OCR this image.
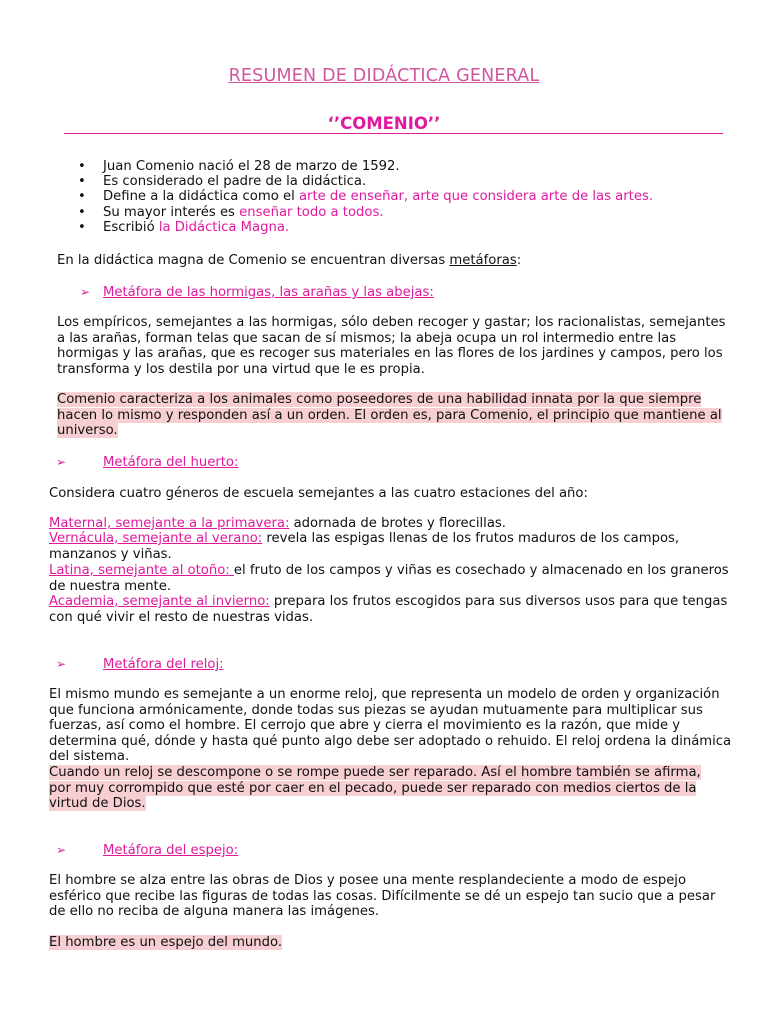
RESUMEN DE DIDÁCTICA GENERAL
‘’COMENIO’’
• Juan Comenio nació el 28 de marzo de 1592.
• Es considerado el padre de la didáctica.
• Define a la didáctica como el arte de enseñar, arte que considera arte de las artes.
• Su mayor interés es enseñar todo a todos.
• Escribió la Didáctica Magna.
En la didáctica magna de Comenio se encuentran diversas metáforas:
➢ Metáfora de las hormigas, las arañas y las abejas:
Los empíricos, semejantes a las hormigas, sólo deben recoger y gastar; los racionalistas, semejantes a las arañas, forman telas que sacan de sí mismos; la abeja ocupa un rol intermedio entre las hormigas y las arañas, que es recoger sus materiales en las flores de los jardines y campos, pero los transforma y los destila por una virtud que le es propia.
Comenio caracteriza a los animales como poseedores de una habilidad innata por la que siempre hacen lo mismo y responden así a un orden. El orden es, para Comenio, el principio que mantiene al universo.
➢	Metáfora del huerto:
Considera cuatro géneros de escuela semejantes a las cuatro estaciones del año:
Maternal, semejante a la primavera: adornada de brotes y florecillas.
Vernácula, semejante al verano: revela las espigas llenas de los frutos maduros de los campos, manzanos y viñas.
Latina, semejante al otoño: el fruto de los campos y viñas es cosechado y almacenado en los graneros de nuestra mente.
Academia, semejante al invierno: prepara los frutos escogidos para sus diversos usos para que tengas con qué vivir el resto de nuestras vidas.
➢	Metáfora del reloj:
El mismo mundo es semejante a un enorme reloj, que representa un modelo de orden y organización que funciona armónicamente, donde todas sus piezas se ayudan mutuamente para multiplicar sus fuerzas, así como el hombre. El cerrojo que abre y cierra el movimiento es la razón, que mide y determina qué, dónde y hasta qué punto algo debe ser adoptado o rehuido. El reloj ordena la dinámica del sistema.
Cuando un reloj se descompone o se rompe puede ser reparado. Así el hombre también se afirma, por muy corrompido que esté por caer en el pecado, puede ser reparado con medios ciertos de la virtud de Dios.
➢	Metáfora del espejo:
El hombre se alza entre las obras de Dios y posee una mente resplandeciente a modo de espejo esférico que recibe las figuras de todas las cosas. Difícilmente se dé un espejo tan sucio que a pesar de ello no reciba de alguna manera las imágenes.
El hombre es un espejo del mundo.
